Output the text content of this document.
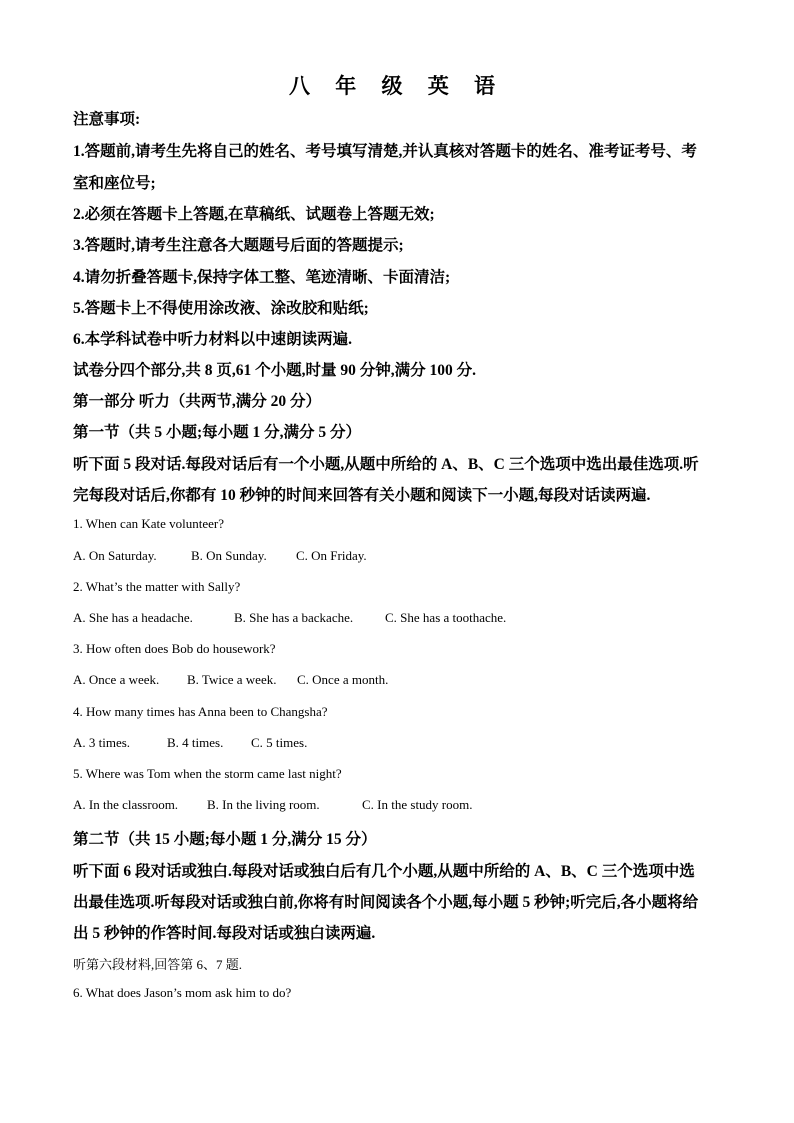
八 年 级 英 语
注意事项:
1.答题前,请考生先将自己的姓名、考号填写清楚,并认真核对答题卡的姓名、准考证考号、考
室和座位号;
2.必须在答题卡上答题,在草稿纸、试题卷上答题无效;
3.答题时,请考生注意各大题题号后面的答题提示;
4.请勿折叠答题卡,保持字体工整、笔迹清晰、卡面清洁;
5.答题卡上不得使用涂改液、涂改胶和贴纸;
6.本学科试卷中听力材料以中速朗读两遍.
试卷分四个部分,共 8 页,61 个小题,时量 90 分钟,满分 100 分.
第一部分 听力（共两节,满分 20 分）
第一节（共 5 小题;每小题 1 分,满分 5 分）
听下面 5 段对话.每段对话后有一个小题,从题中所给的 A、B、C 三个选项中选出最佳选项.听
完每段对话后,你都有 10 秒钟的时间来回答有关小题和阅读下一小题,每段对话读两遍.
1. When can Kate volunteer?
A. On Saturday.	B. On Sunday. C. On Friday.
2. What’s the matter with Sally?
A. She has a headache.	B. She has a backache. C. She has a toothache.
3. How often does Bob do housework?
A. Once a week. B. Twice a week. C. Once a month.
4. How many times has Anna been to Changsha?
A. 3 times.	B. 4 times. C. 5 times.
5. Where was Tom when the storm came last night?
A. In the classroom. B. In the living room.	C. In the study room.
第二节（共 15 小题;每小题 1 分,满分 15 分）
听下面 6 段对话或独白.每段对话或独白后有几个小题,从题中所给的 A、B、C 三个选项中选
出最佳选项.听每段对话或独白前,你将有时间阅读各个小题,每小题 5 秒钟;听完后,各小题将给
出 5 秒钟的作答时间.每段对话或独白读两遍.
听第六段材料,回答第 6、7 题.
6. What does Jason’s mom ask him to do?
